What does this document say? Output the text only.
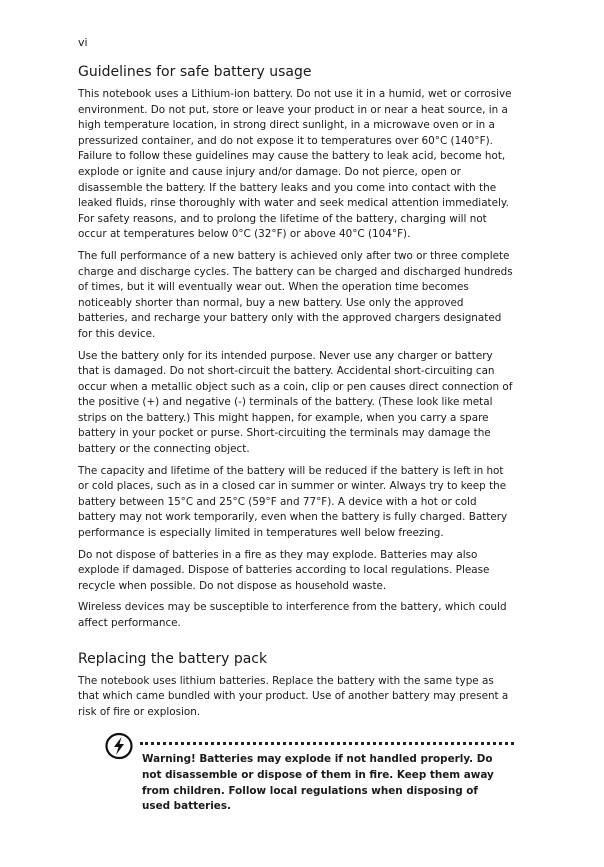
vi
Guidelines for safe battery usage

This notebook uses a Lithium-ion battery. Do not use it in a humid, wet or corrosive environment. Do not put, store or leave your product in or near a heat source, in a high temperature location, in strong direct sunlight, in a microwave oven or in a pressurized container, and do not expose it to temperatures over 60°C (140°F). Failure to follow these guidelines may cause the battery to leak acid, become hot, explode or ignite and cause injury and/or damage. Do not pierce, open or disassemble the battery. If the battery leaks and you come into contact with the leaked fluids, rinse thoroughly with water and seek medical attention immediately. For safety reasons, and to prolong the lifetime of the battery, charging will not occur at temperatures below 0°C (32°F) or above 40°C (104°F).

The full performance of a new battery is achieved only after two or three complete charge and discharge cycles. The battery can be charged and discharged hundreds of times, but it will eventually wear out. When the operation time becomes noticeably shorter than normal, buy a new battery. Use only the approved batteries, and recharge your battery only with the approved chargers designated for this device.

Use the battery only for its intended purpose. Never use any charger or battery that is damaged. Do not short-circuit the battery. Accidental short-circuiting can occur when a metallic object such as a coin, clip or pen causes direct connection of the positive (+) and negative (-) terminals of the battery. (These look like metal strips on the battery.) This might happen, for example, when you carry a spare battery in your pocket or purse. Short-circuiting the terminals may damage the battery or the connecting object.

The capacity and lifetime of the battery will be reduced if the battery is left in hot or cold places, such as in a closed car in summer or winter. Always try to keep the battery between 15°C and 25°C (59°F and 77°F). A device with a hot or cold battery may not work temporarily, even when the battery is fully charged. Battery performance is especially limited in temperatures well below freezing.

Do not dispose of batteries in a fire as they may explode. Batteries may also explode if damaged. Dispose of batteries according to local regulations. Please recycle when possible. Do not dispose as household waste.

Wireless devices may be susceptible to interference from the battery, which could affect performance.

Replacing the battery pack

The notebook uses lithium batteries. Replace the battery with the same type as that which came bundled with your product. Use of another battery may present a risk of fire or explosion.

Warning! Batteries may explode if not handled properly. Do not disassemble or dispose of them in fire. Keep them away from children. Follow local regulations when disposing of used batteries.
